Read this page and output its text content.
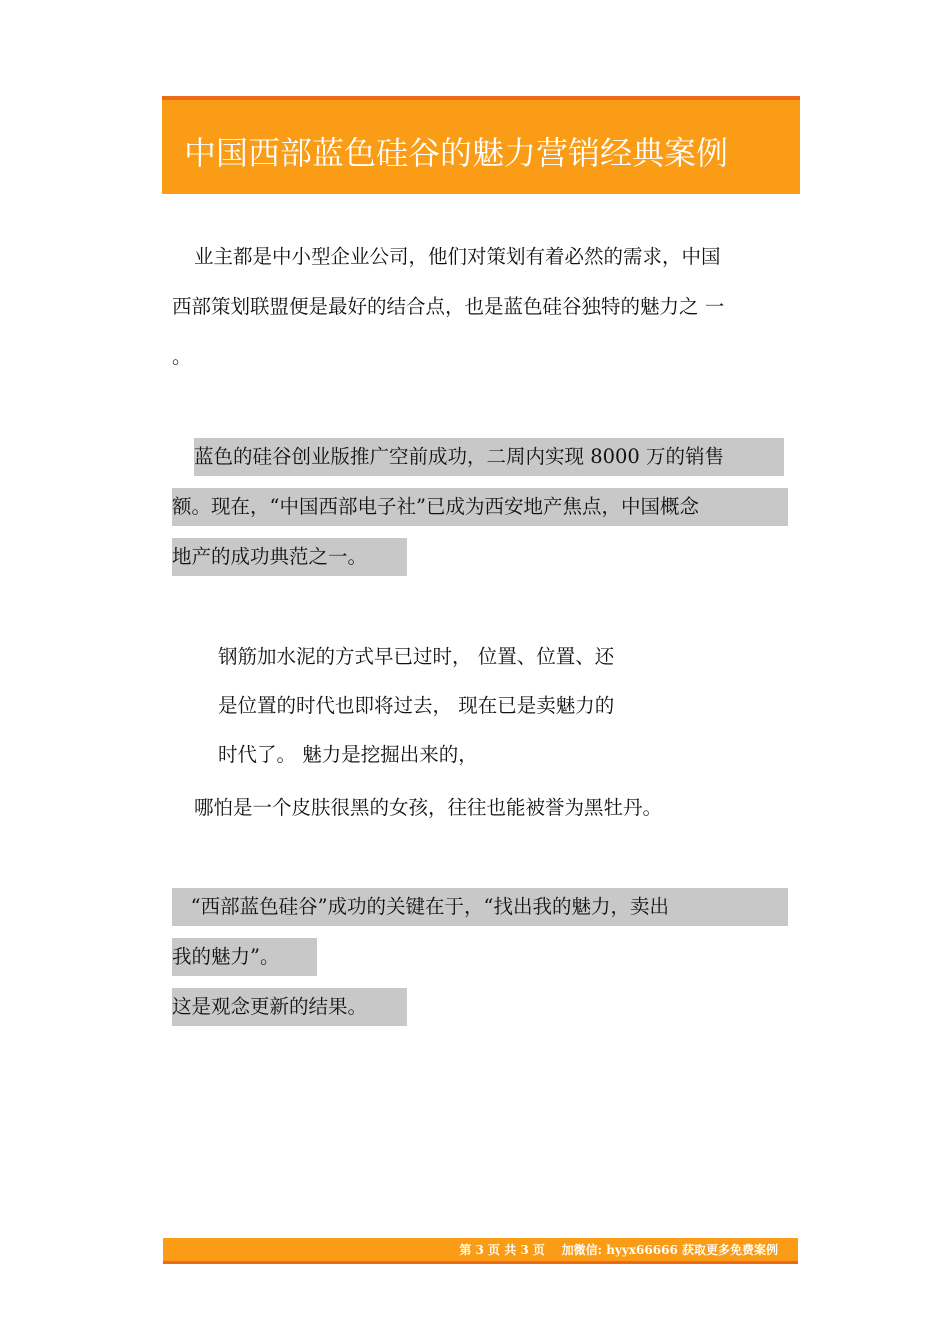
中国西部蓝色硅谷的魅力营销经典案例
业主都是中小型企业公司，他们对策划有着必然的需求，中国
西部策划联盟便是最好的结合点，也是蓝色硅谷独特的魅力之 一
。
蓝色的硅谷创业版推广空前成功，二周内实现 8000 万的销售
额。现在，“中国西部电子社”已成为西安地产焦点，中国概念
地产的成功典范之一。
钢筋加水泥的方式早已过时， 位置、位置、还
是位置的时代也即将过去， 现在已是卖魅力的
时代了。 魅力是挖掘出来的，
哪怕是一个皮肤很黑的女孩，往往也能被誉为黑牡丹。
“西部蓝色硅谷”成功的关键在于，“找出我的魅力，卖出
我的魅力”。
这是观念更新的结果。
第 3 页 共 3 页    加微信: hyyx66666 获取更多免费案例
